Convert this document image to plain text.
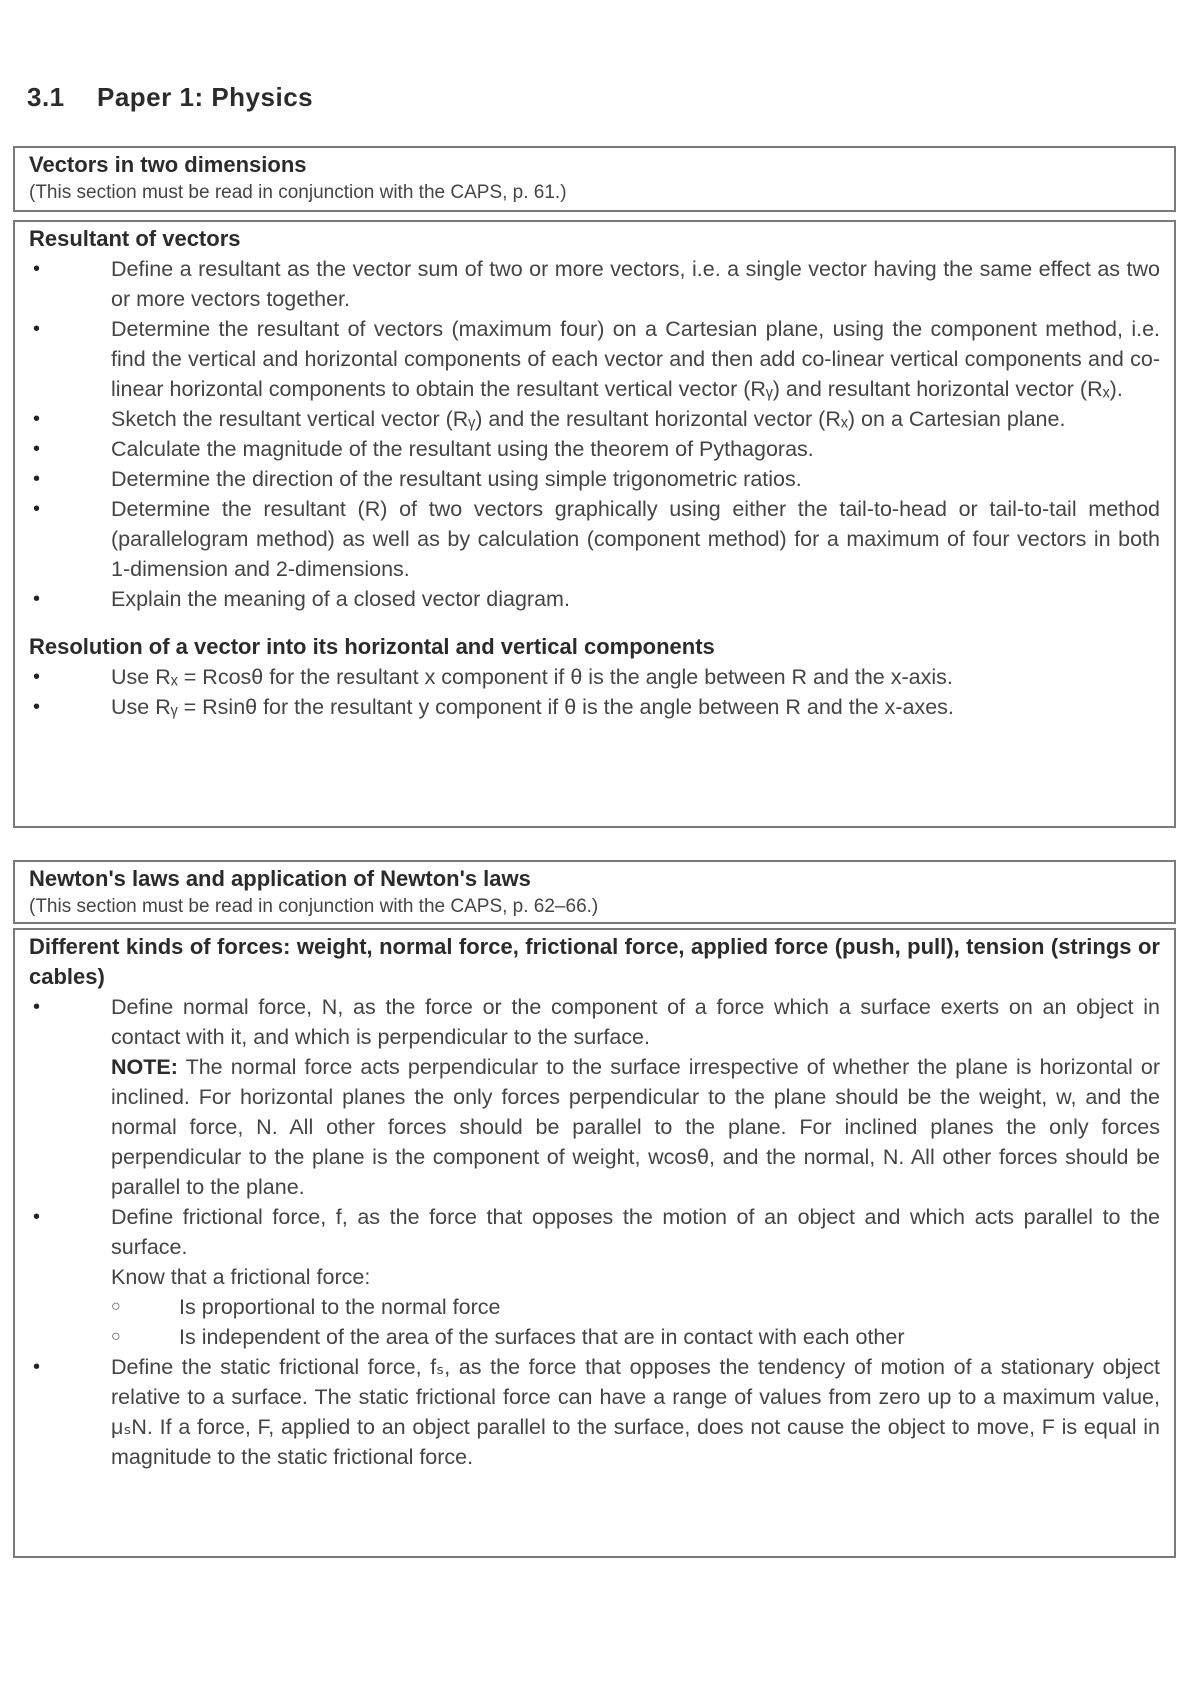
3.1 Paper 1: Physics
Vectors in two dimensions
(This section must be read in conjunction with the CAPS, p. 61.)
Resultant of vectors
• Define a resultant as the vector sum of two or more vectors, i.e. a single vector having the same effect as two or more vectors together.
• Determine the resultant of vectors (maximum four) on a Cartesian plane, using the component method, i.e. find the vertical and horizontal components of each vector and then add co-linear vertical components and co-linear horizontal components to obtain the resultant vertical vector (Rᵧ) and resultant horizontal vector (Rₓ).
• Sketch the resultant vertical vector (Rᵧ) and the resultant horizontal vector (Rₓ) on a Cartesian plane.
• Calculate the magnitude of the resultant using the theorem of Pythagoras.
• Determine the direction of the resultant using simple trigonometric ratios.
• Determine the resultant (R) of two vectors graphically using either the tail-to-head or tail-to-tail method (parallelogram method) as well as by calculation (component method) for a maximum of four vectors in both 1-dimension and 2-dimensions.
• Explain the meaning of a closed vector diagram.
Resolution of a vector into its horizontal and vertical components
• Use Rₓ = Rcosθ for the resultant x component if θ is the angle between R and the x-axis.
• Use Rᵧ = Rsinθ for the resultant y component if θ is the angle between R and the x-axes.
Newton's laws and application of Newton's laws
(This section must be read in conjunction with the CAPS, p. 62–66.)
Different kinds of forces: weight, normal force, frictional force, applied force (push, pull), tension (strings or cables)
• Define normal force, N, as the force or the component of a force which a surface exerts on an object in contact with it, and which is perpendicular to the surface.
NOTE: The normal force acts perpendicular to the surface irrespective of whether the plane is horizontal or inclined. For horizontal planes the only forces perpendicular to the plane should be the weight, w, and the normal force, N. All other forces should be parallel to the plane. For inclined planes the only forces perpendicular to the plane is the component of weight, wcosθ, and the normal, N. All other forces should be parallel to the plane.
• Define frictional force, f, as the force that opposes the motion of an object and which acts parallel to the surface.
Know that a frictional force:
○ Is proportional to the normal force
○ Is independent of the area of the surfaces that are in contact with each other
• Define the static frictional force, fₛ, as the force that opposes the tendency of motion of a stationary object relative to a surface. The static frictional force can have a range of values from zero up to a maximum value, μₛN. If a force, F, applied to an object parallel to the surface, does not cause the object to move, F is equal in magnitude to the static frictional force.
